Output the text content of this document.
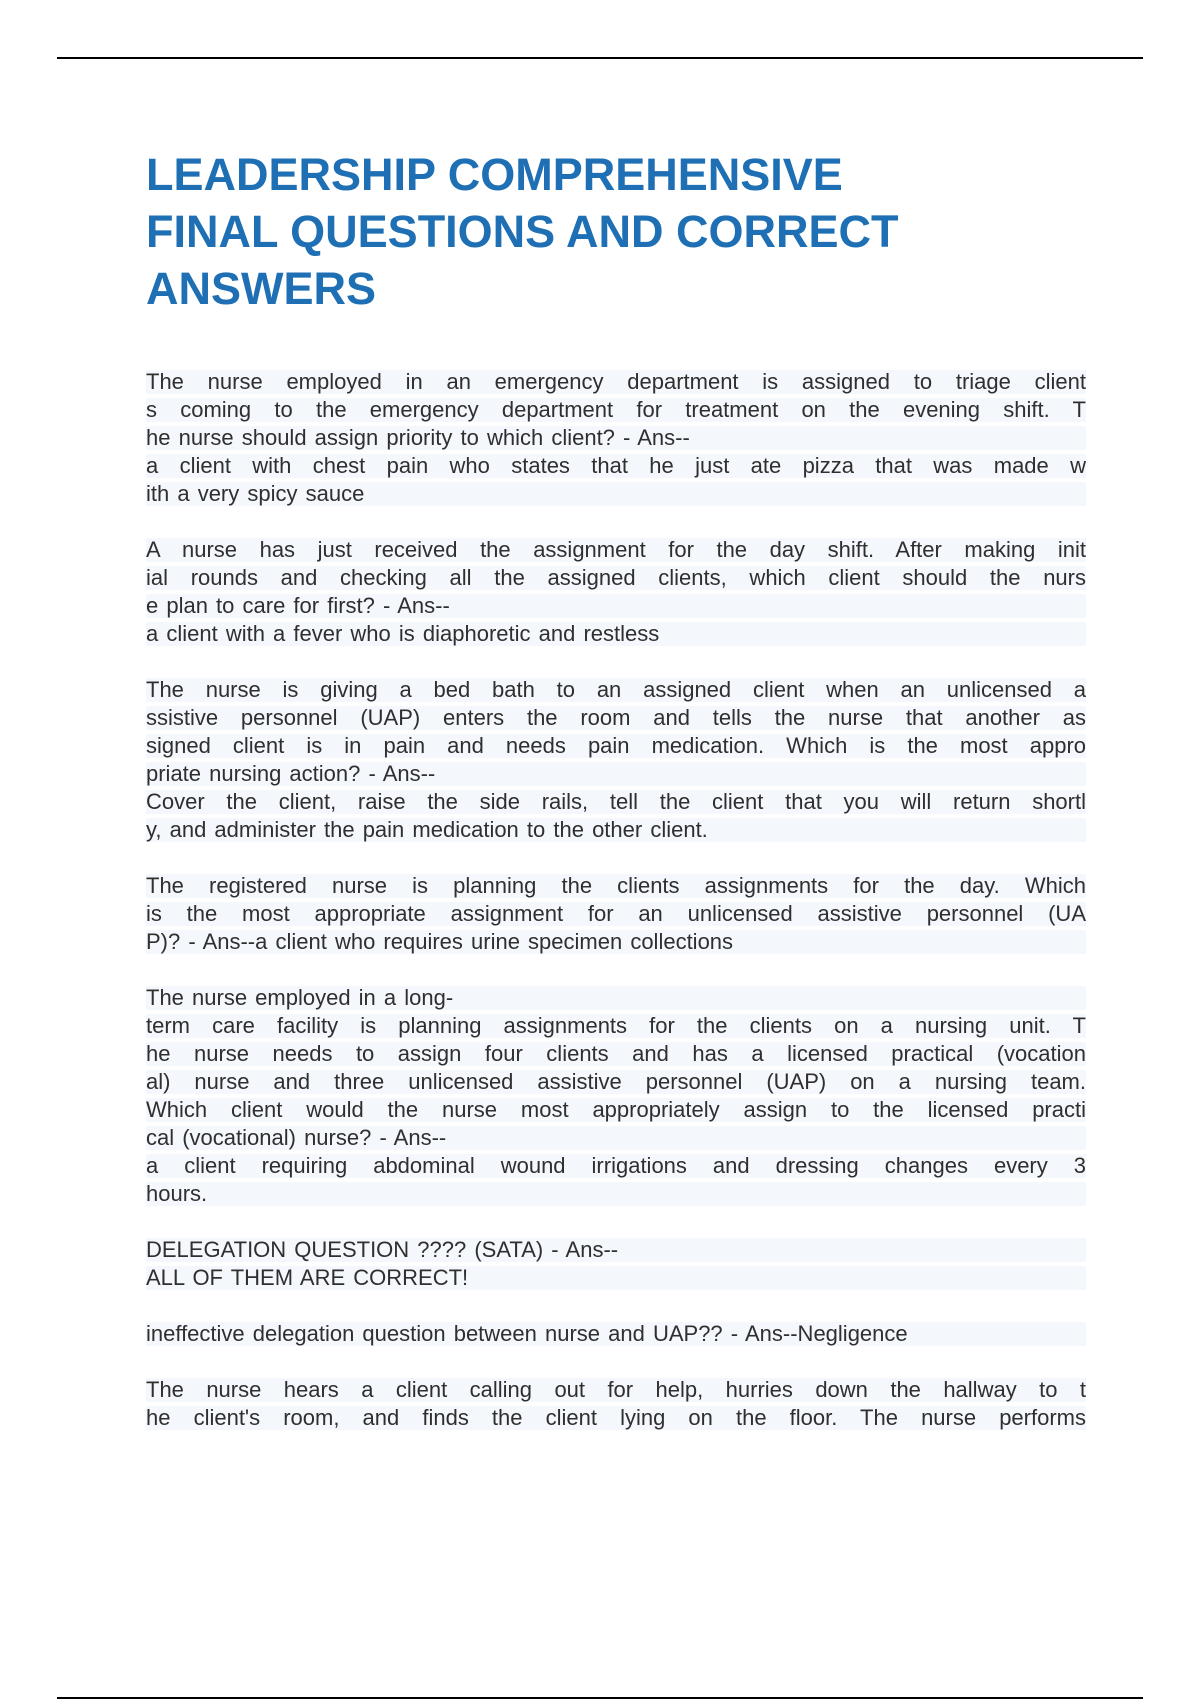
LEADERSHIP COMPREHENSIVE
FINAL QUESTIONS AND CORRECT
ANSWERS
The nurse employed in an emergency department is assigned to triage client
s coming to the emergency department for treatment on the evening shift. T
he nurse should assign priority to which client? - Ans--
a client with chest pain who states that he just ate pizza that was made w
ith a very spicy sauce
A nurse has just received the assignment for the day shift. After making init
ial rounds and checking all the assigned clients, which client should the nurs
e plan to care for first? - Ans--
a client with a fever who is diaphoretic and restless
The nurse is giving a bed bath to an assigned client when an unlicensed a
ssistive personnel (UAP) enters the room and tells the nurse that another as
signed client is in pain and needs pain medication. Which is the most appro
priate nursing action? - Ans--
Cover the client, raise the side rails, tell the client that you will return shortl
y, and administer the pain medication to the other client.
The registered nurse is planning the clients assignments for the day. Which
is the most appropriate assignment for an unlicensed assistive personnel (UA
P)? - Ans--a client who requires urine specimen collections
The nurse employed in a long-
term care facility is planning assignments for the clients on a nursing unit. T
he nurse needs to assign four clients and has a licensed practical (vocation
al) nurse and three unlicensed assistive personnel (UAP) on a nursing team.
Which client would the nurse most appropriately assign to the licensed practi
cal (vocational) nurse? - Ans--
a client requiring abdominal wound irrigations and dressing changes every 3
hours.
DELEGATION QUESTION ???? (SATA) - Ans--
ALL OF THEM ARE CORRECT!
ineffective delegation question between nurse and UAP?? - Ans--Negligence
The nurse hears a client calling out for help, hurries down the hallway to t
he client's room, and finds the client lying on the floor. The nurse performs
